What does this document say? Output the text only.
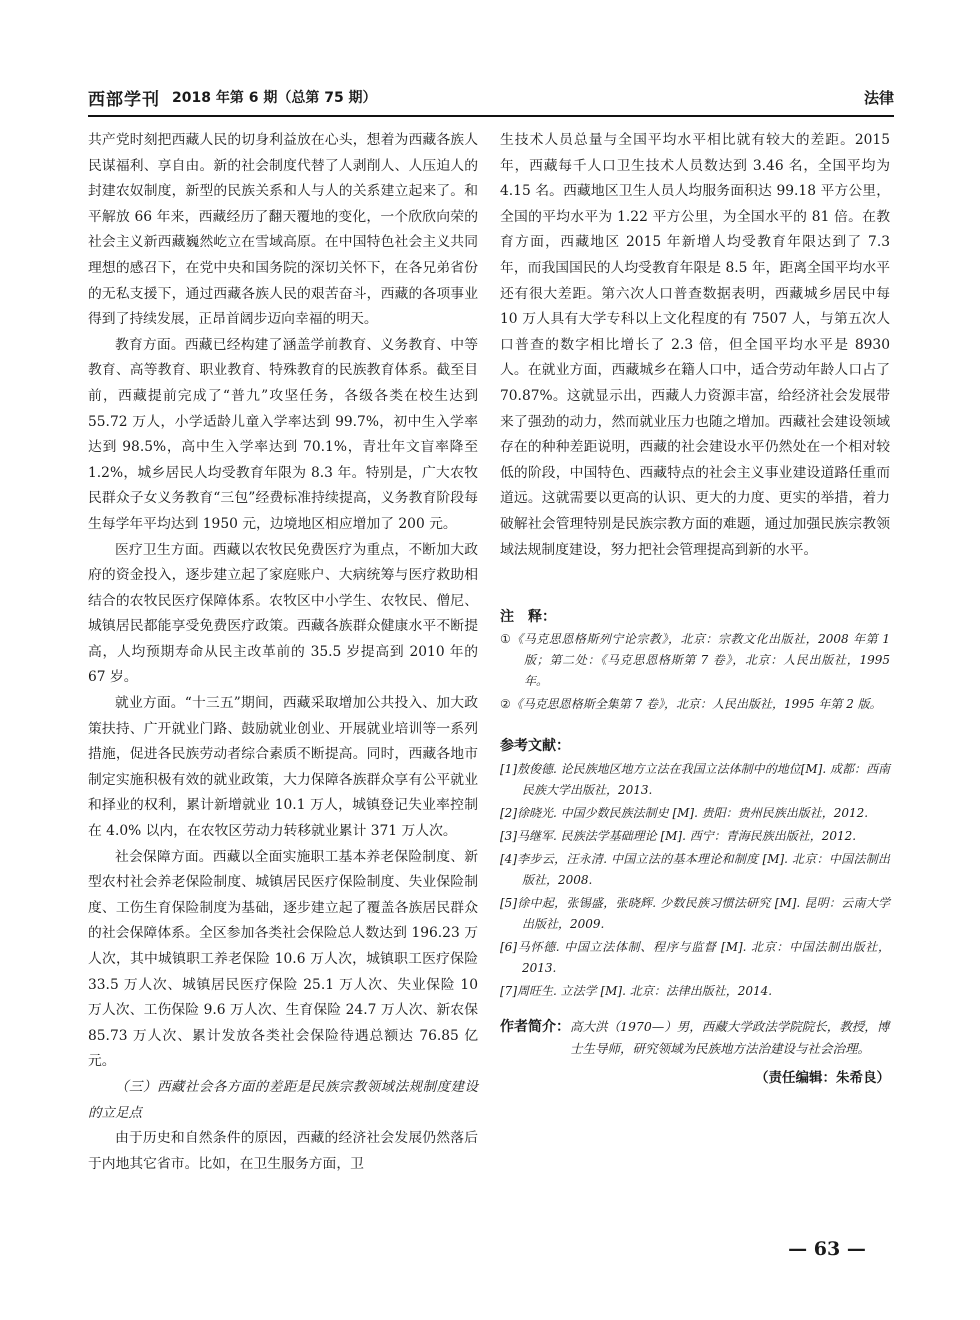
西部学刊 2018 年第 6 期（总第 75 期）	法律

共产党时刻把西藏人民的切身利益放在心头，想着为西藏各族人民谋福利、享自由。新的社会制度代替了人剥削人、人压迫人的封建农奴制度，新型的民族关系和人与人的关系建立起来了。和平解放 66 年来，西藏经历了翻天覆地的变化，一个欣欣向荣的社会主义新西藏巍然屹立在雪域高原。在中国特色社会主义共同理想的感召下，在党中央和国务院的深切关怀下，在各兄弟省份的无私支援下，通过西藏各族人民的艰苦奋斗，西藏的各项事业得到了持续发展，正昂首阔步迈向幸福的明天。

教育方面。西藏已经构建了涵盖学前教育、义务教育、中等教育、高等教育、职业教育、特殊教育的民族教育体系。截至目前，西藏提前完成了“普九”攻坚任务，各级各类在校生达到 55.72 万人，小学适龄儿童入学率达到 99.7%，初中生入学率达到 98.5%，高中生入学率达到 70.1%，青壮年文盲率降至 1.2%，城乡居民人均受教育年限为 8.3 年。特别是，广大农牧民群众子女义务教育“三包”经费标准持续提高，义务教育阶段每生每学年平均达到 1950 元，边境地区相应增加了 200 元。

医疗卫生方面。西藏以农牧民免费医疗为重点，不断加大政府的资金投入，逐步建立起了家庭账户、大病统筹与医疗救助相结合的农牧民医疗保障体系。农牧区中小学生、农牧民、僧尼、城镇居民都能享受免费医疗政策。西藏各族群众健康水平不断提高，人均预期寿命从民主改革前的 35.5 岁提高到 2010 年的 67 岁。

就业方面。“十三五”期间，西藏采取增加公共投入、加大政策扶持、广开就业门路、鼓励就业创业、开展就业培训等一系列措施，促进各民族劳动者综合素质不断提高。同时，西藏各地市制定实施积极有效的就业政策，大力保障各族群众享有公平就业和择业的权利，累计新增就业 10.1 万人，城镇登记失业率控制在 4.0% 以内，在农牧区劳动力转移就业累计 371 万人次。

社会保障方面。西藏以全面实施职工基本养老保险制度、新型农村社会养老保险制度、城镇居民医疗保险制度、失业保险制度、工伤生育保险制度为基础，逐步建立起了覆盖各族居民群众的社会保障体系。全区参加各类社会保险总人数达到 196.23 万人次，其中城镇职工养老保险 10.6 万人次，城镇职工医疗保险 33.5 万人次、城镇居民医疗保险 25.1 万人次、失业保险 10 万人次、工伤保险 9.6 万人次、生育保险 24.7 万人次、新农保 85.73 万人次、累计发放各类社会保险待遇总额达 76.85 亿元。

（三）西藏社会各方面的差距是民族宗教领域法规制度建设的立足点

由于历史和自然条件的原因，西藏的经济社会发展仍然落后于内地其它省市。比如，在卫生服务方面，卫

生技术人员总量与全国平均水平相比就有较大的差距。2015 年，西藏每千人口卫生技术人员数达到 3.46 名，全国平均为 4.15 名。西藏地区卫生人员人均服务面积达 99.18 平方公里，全国的平均水平为 1.22 平方公里，为全国水平的 81 倍。在教育方面，西藏地区 2015 年新增人均受教育年限达到了 7.3 年，而我国国民的人均受教育年限是 8.5 年，距离全国平均水平还有很大差距。第六次人口普查数据表明，西藏城乡居民中每 10 万人具有大学专科以上文化程度的有 7507 人，与第五次人口普查的数字相比增长了 2.3 倍，但全国平均水平是 8930 人。在就业方面，西藏城乡在籍人口中，适合劳动年龄人口占了 70.87%。这就显示出，西藏人力资源丰富，给经济社会发展带来了强劲的动力，然而就业压力也随之增加。西藏社会建设领域存在的种种差距说明，西藏的社会建设水平仍然处在一个相对较低的阶段，中国特色、西藏特点的社会主义事业建设道路任重而道远。这就需要以更高的认识、更大的力度、更实的举措，着力破解社会管理特别是民族宗教方面的难题，通过加强民族宗教领域法规制度建设，努力把社会管理提高到新的水平。

注　释：
①《马克思恩格斯列宁论宗教》，北京：宗教文化出版社，2008 年第 1 版；第二处：《马克思恩格斯第 7 卷》，北京：人民出版社，1995 年。
②《马克思恩格斯全集第 7 卷》，北京：人民出版社，1995 年第 2 版。
参考文献：
[1]敖俊德. 论民族地区地方立法在我国立法体制中的地位[M]. 成都：西南民族大学出版社，2013.
[2]徐晓光. 中国少数民族法制史 [M]. 贵阳：贵州民族出版社，2012.
[3]马继军. 民族法学基础理论 [M]. 西宁：青海民族出版社，2012.
[4]李步云，汪永清. 中国立法的基本理论和制度 [M]. 北京：中国法制出版社，2008.
[5]徐中起，张锡盛，张晓辉. 少数民族习惯法研究 [M]. 昆明：云南大学出版社，2009.
[6]马怀德. 中国立法体制、程序与监督 [M]. 北京：中国法制出版社，2013.
[7]周旺生. 立法学 [M]. 北京：法律出版社，2014.
作者简介： 高大洪（1970—）男，西藏大学政法学院院长，教授，博士生导师，研究领域为民族地方法治建设与社会治理。
（责任编辑：朱希良）
— 63 —
